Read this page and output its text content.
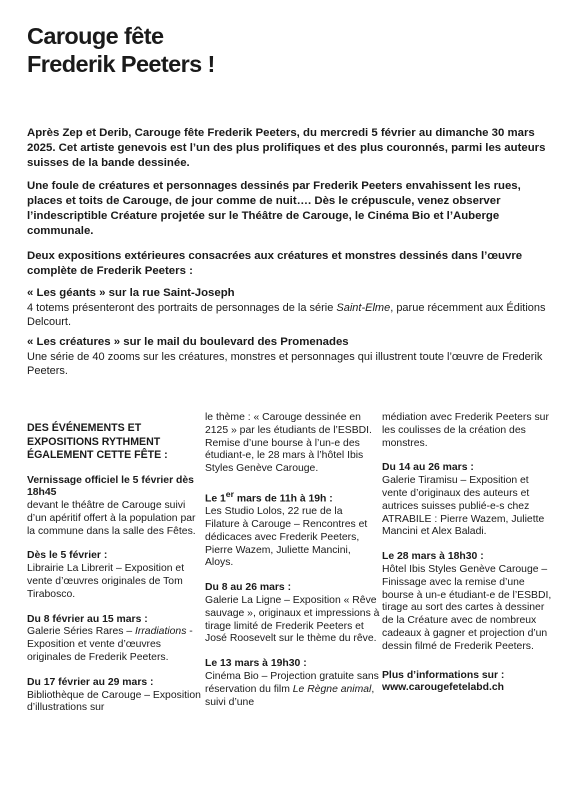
Carouge fête
Frederik Peeters !

Après Zep et Derib, Carouge fête Frederik Peeters, du mercredi 5 février au dimanche 30 mars 2025. Cet artiste genevois est l’un des plus prolifiques et des plus couronnés, parmi les auteurs suisses de la bande dessinée.

Une foule de créatures et personnages dessinés par Frederik Peeters envahissent les rues, places et toits de Carouge, de jour comme de nuit…. Dès le crépuscule, venez observer l’indescriptible Créature projetée sur le Théâtre de Carouge, le Cinéma Bio et l’Auberge communale.

Deux expositions extérieures consacrées aux créatures et monstres dessinés dans l’œuvre complète de Frederik Peeters :

« Les géants » sur la rue Saint-Joseph
4 totems présenteront des portraits de personnages de la série Saint-Elme, parue récemment aux Éditions Delcourt.
« Les créatures » sur le mail du boulevard des Promenades
Une série de 40 zooms sur les créatures, monstres et personnages qui illustrent toute l’œuvre de Frederik Peeters.
DES ÉVÉNEMENTS ET EXPOSITIONS RYTHMENT ÉGALEMENT CETTE FÊTE :
Vernissage officiel le 5 février dès 18h45
devant le théâtre de Carouge suivi d’un apéritif offert à la population par la commune dans la salle des Fêtes.
Dès le 5 février :
Librairie La Librerit – Exposition et vente d’œuvres originales de Tom Tirabosco.
Du 8 février au 15 mars :
Galerie Séries Rares – Irradiations - Exposition et vente d’œuvres originales de Frederik Peeters.
Du 17 février au 29 mars :
Bibliothèque de Carouge – Exposition d’illustrations sur
le thème : « Carouge dessinée en 2125 » par les étudiants de l’ESBDI. Remise d’une bourse à l’un-e des étudiant-e, le 28 mars à l’hôtel Ibis Styles Genève Carouge.
Le 1er mars de 11h à 19h :
Les Studio Lolos, 22 rue de la Filature à Carouge – Rencontres et dédicaces avec Frederik Peeters, Pierre Wazem, Juliette Mancini, Aloys.
Du 8 au 26 mars :
Galerie La Ligne – Exposition « Rêve sauvage », originaux et impressions à tirage limité de Frederik Peeters et José Roosevelt sur le thème du rêve.
Le 13 mars à 19h30 :
Cinéma Bio – Projection gratuite sans réservation du film Le Règne animal, suivi d’une
médiation avec Frederik Peeters sur les coulisses de la création des monstres.
Du 14 au 26 mars :
Galerie Tiramisu – Exposition et vente d’originaux des auteurs et autrices suisses publié-e-s chez ATRABILE : Pierre Wazem, Juliette Mancini et Alex Baladi.
Le 28 mars à 18h30 :
Hôtel Ibis Styles Genève Carouge – Finissage avec la remise d’une bourse à un-e étudiant-e de l’ESBDI, tirage au sort des cartes à dessiner de la Créature avec de nombreux cadeaux à gagner et projection d’un dessin filmé de Frederik Peeters.
Plus d’informations sur :
www.carougefetelabd.ch
